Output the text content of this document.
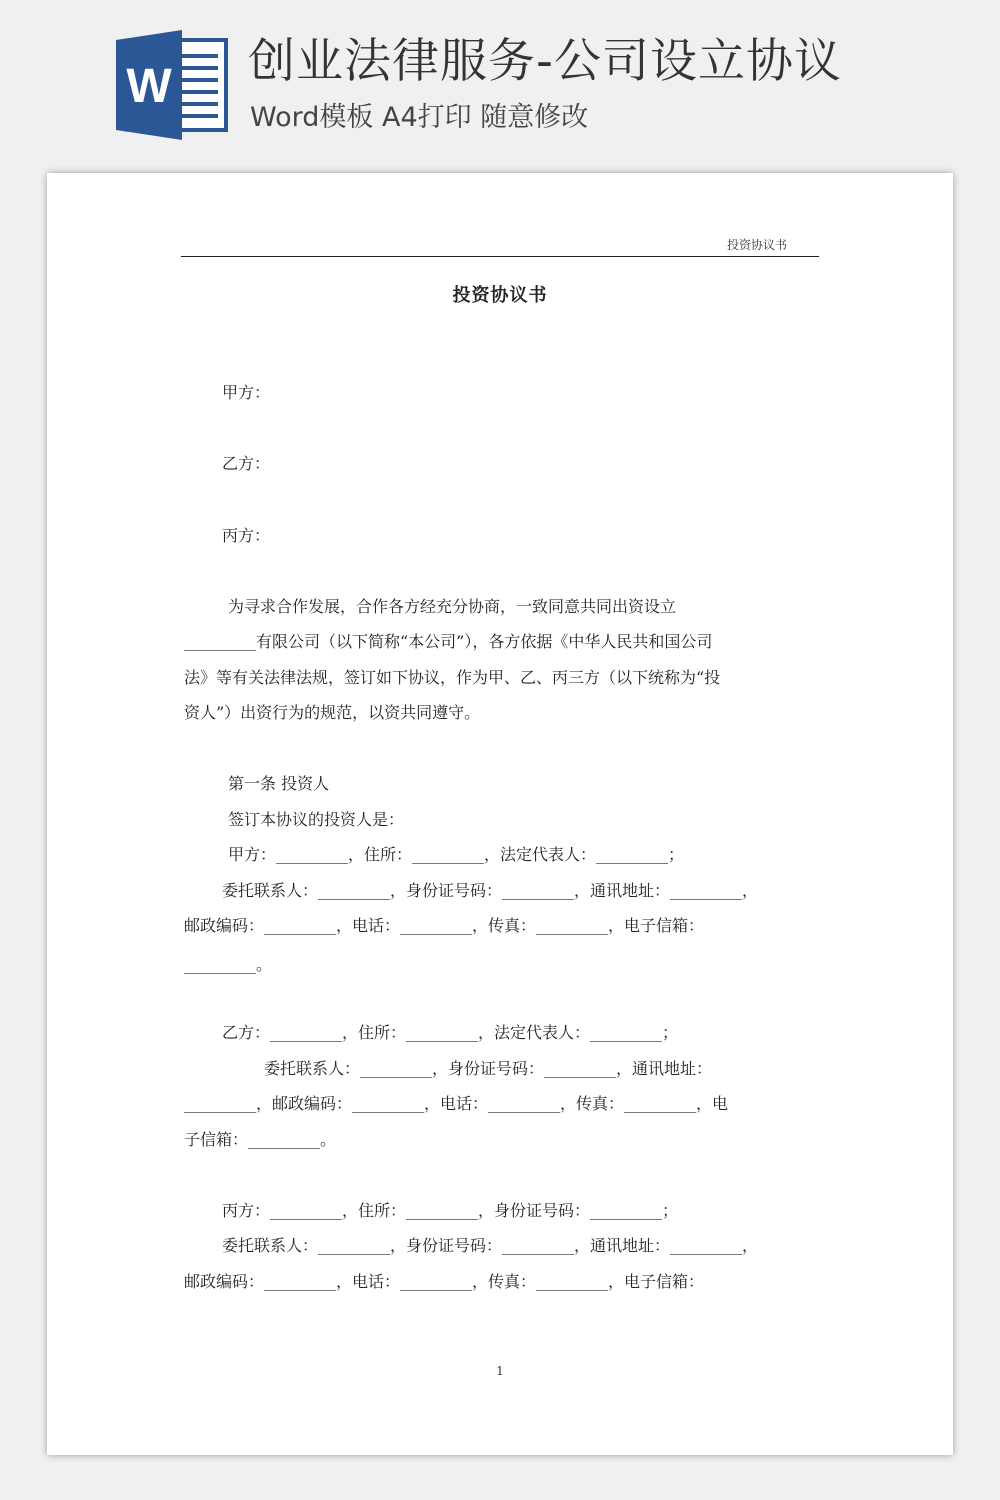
W 创业法律服务-公司设立协议
Word模板 A4打印 随意修改
投资协议书
投资协议书
甲方：
乙方：
丙方：
为寻求合作发展，合作各方经充分协商，一致同意共同出资设立
_________有限公司（以下简称“本公司”），各方依据《中华人民共和国公司
法》等有关法律法规，签订如下协议，作为甲、乙、丙三方（以下统称为“投
资人”）出资行为的规范，以资共同遵守。
第一条 投资人
签订本协议的投资人是：
甲方：_________，住所：_________，法定代表人：_________；
委托联系人：_________，身份证号码：_________，通讯地址：_________，
邮政编码：_________，电话：_________，传真：_________，电子信箱：
_________。
乙方：_________，住所：_________，法定代表人：_________；
委托联系人：_________，身份证号码：_________，通讯地址：
_________，邮政编码：_________，电话：_________，传真：_________，电
子信箱：_________。
丙方：_________，住所：_________，身份证号码：_________；
委托联系人：_________，身份证号码：_________，通讯地址：_________，
邮政编码：_________，电话：_________，传真：_________，电子信箱：
1
